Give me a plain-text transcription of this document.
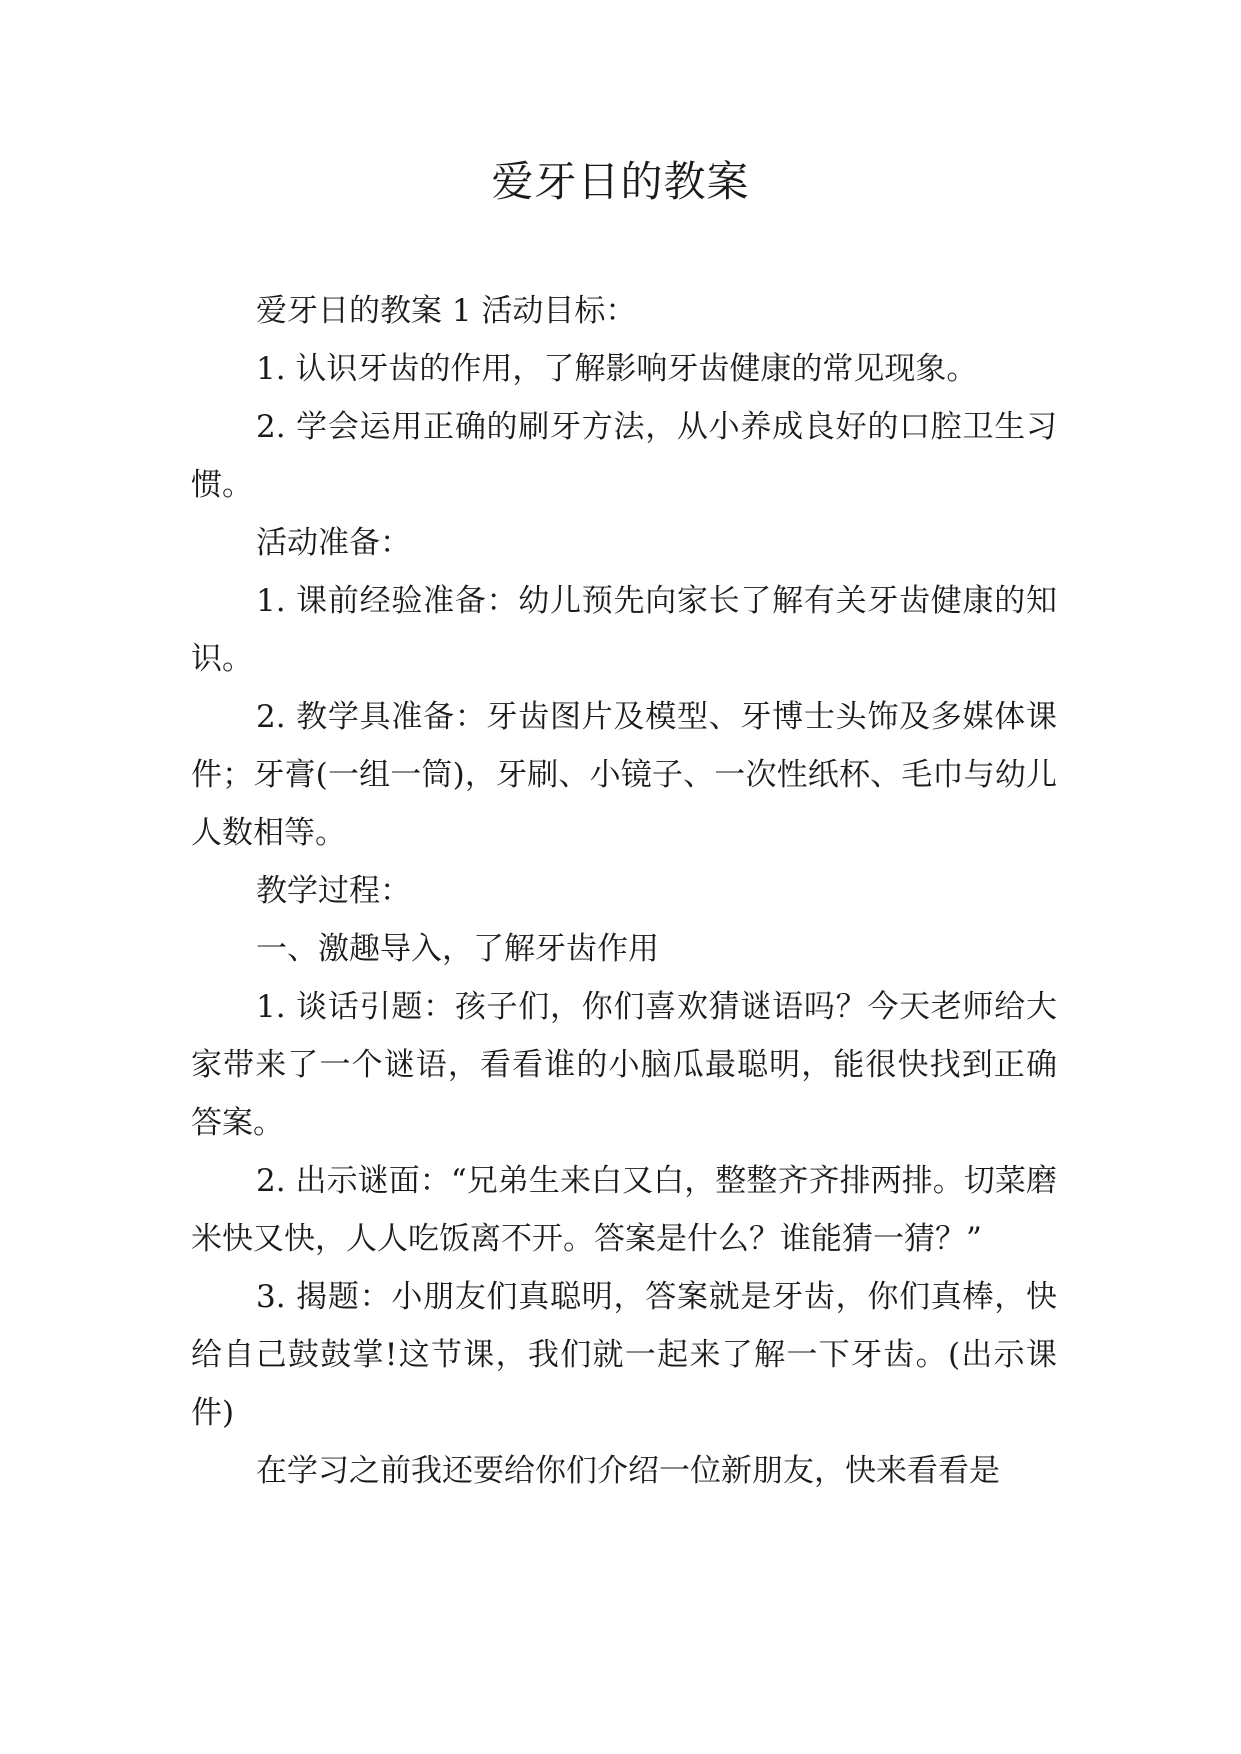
爱牙日的教案

爱牙日的教案 1 活动目标：

1. 认识牙齿的作用，了解影响牙齿健康的常见现象。

2. 学会运用正确的刷牙方法，从小养成良好的口腔卫生习惯。

活动准备：

1. 课前经验准备：幼儿预先向家长了解有关牙齿健康的知识。

2. 教学具准备：牙齿图片及模型、牙博士头饰及多媒体课件；牙膏(一组一筒)，牙刷、小镜子、一次性纸杯、毛巾与幼儿人数相等。

教学过程：

一、激趣导入，了解牙齿作用

1. 谈话引题：孩子们，你们喜欢猜谜语吗？今天老师给大家带来了一个谜语，看看谁的小脑瓜最聪明，能很快找到正确答案。

2. 出示谜面：“兄弟生来白又白，整整齐齐排两排。切菜磨米快又快，人人吃饭离不开。答案是什么？谁能猜一猜？”

3. 揭题：小朋友们真聪明，答案就是牙齿，你们真棒，快给自己鼓鼓掌!这节课，我们就一起来了解一下牙齿。(出示课件)

在学习之前我还要给你们介绍一位新朋友，快来看看是
